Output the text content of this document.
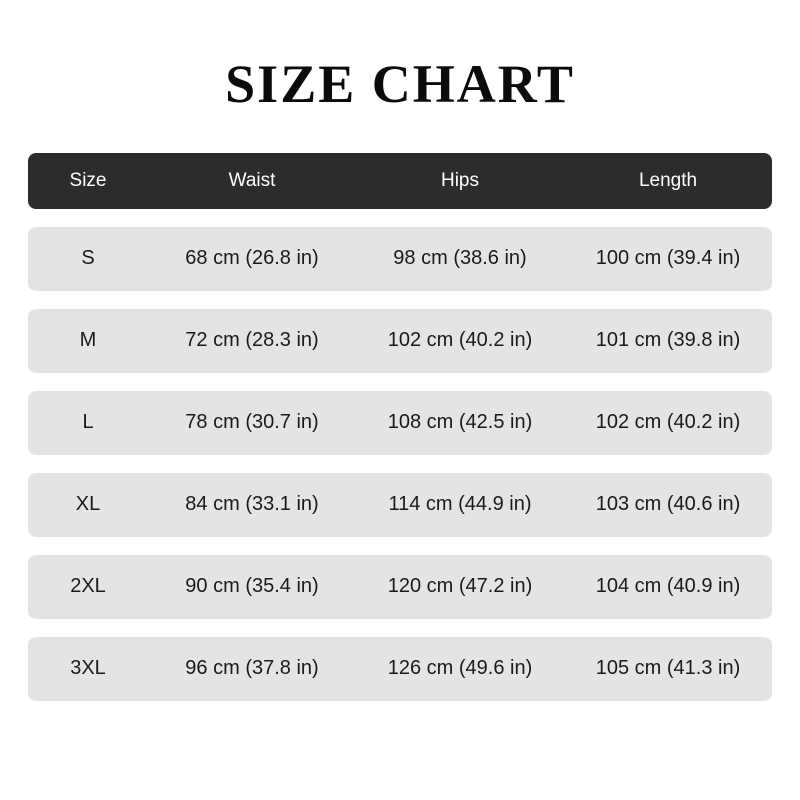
SIZE CHART
Size	Waist	Hips	Length
S	68 cm (26.8 in)	98 cm (38.6 in)	100 cm (39.4 in)
M	72 cm (28.3 in)	102 cm (40.2 in)	101 cm (39.8 in)
L	78 cm (30.7 in)	108 cm (42.5 in)	102 cm (40.2 in)
XL	84 cm (33.1 in)	114 cm (44.9 in)	103 cm (40.6 in)
2XL	90 cm (35.4 in)	120 cm (47.2 in)	104 cm (40.9 in)
3XL	96 cm (37.8 in)	126 cm (49.6 in)	105 cm (41.3 in)
